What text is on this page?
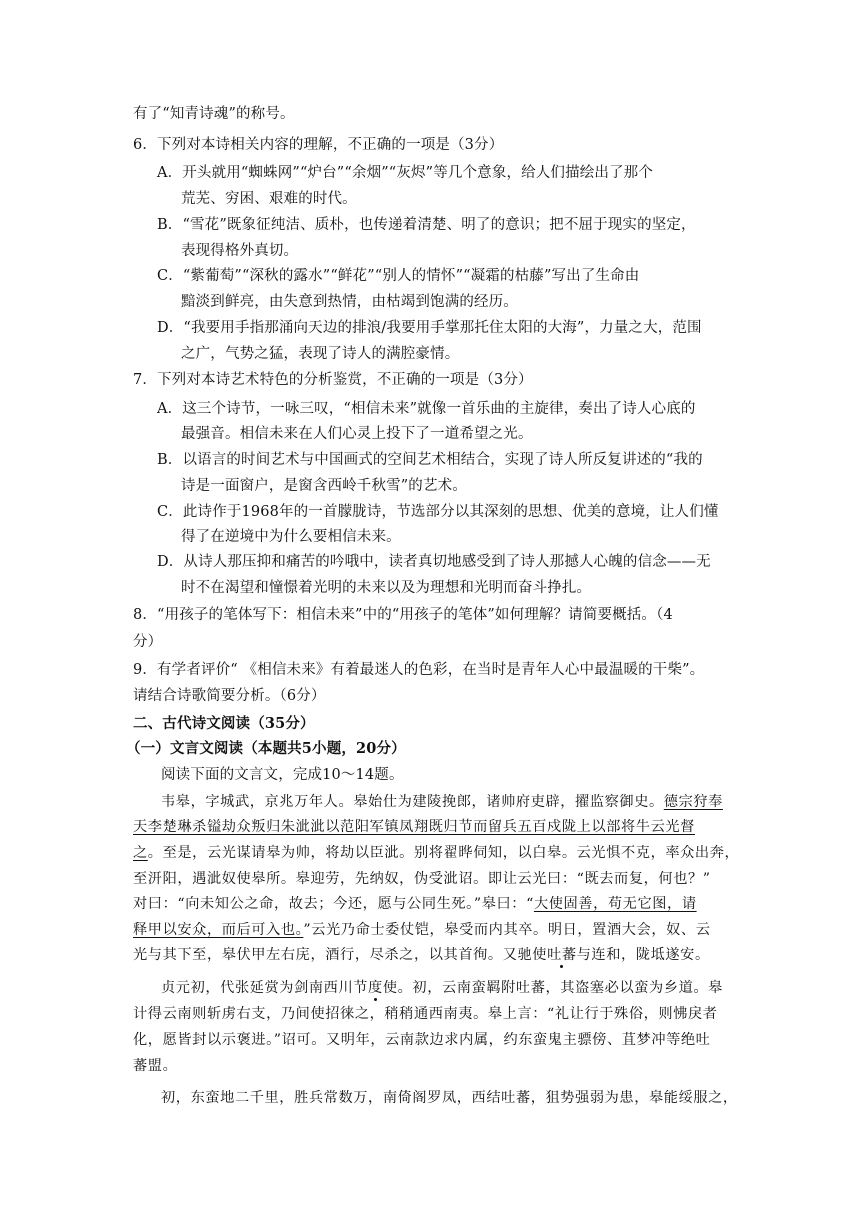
有了“知青诗魂”的称号。
6．下列对本诗相关内容的理解，不正确的一项是（3分）
A．开头就用“蜘蛛网”“炉台”“余烟”“灰烬”等几个意象，给人们描绘出了那个
荒芜、穷困、艰难的时代。
B．“雪花”既象征纯洁、质朴，也传递着清楚、明了的意识；把不屈于现实的坚定，
表现得格外真切。
C．“紫葡萄”“深秋的露水”“鲜花”“别人的情怀”“凝霜的枯藤”写出了生命由
黯淡到鲜亮，由失意到热情，由枯竭到饱满的经历。
D．“我要用手指那涌向天边的排浪/我要用手掌那托住太阳的大海”，力量之大，范围
之广，气势之猛，表现了诗人的满腔豪情。
7．下列对本诗艺术特色的分析鉴赏，不正确的一项是（3分）
A．这三个诗节，一咏三叹，“相信未来”就像一首乐曲的主旋律，奏出了诗人心底的
最强音。相信未来在人们心灵上投下了一道希望之光。
B．以语言的时间艺术与中国画式的空间艺术相结合，实现了诗人所反复讲述的“我的
诗是一面窗户，是窗含西岭千秋雪”的艺术。
C．此诗作于1968年的一首朦胧诗，节选部分以其深刻的思想、优美的意境，让人们懂
得了在逆境中为什么要相信未来。
D．从诗人那压抑和痛苦的吟哦中，读者真切地感受到了诗人那撼人心魄的信念——无
时不在渴望和憧憬着光明的未来以及为理想和光明而奋斗挣扎。
8．“用孩子的笔体写下：相信未来”中的“用孩子的笔体”如何理解？请简要概括。（4
分）
9．有学者评价“ 《相信未来》有着最迷人的色彩，在当时是青年人心中最温暖的干柴”。
请结合诗歌简要分析。（6分）
二、古代诗文阅读（35分）
（一）文言文阅读（本题共5小题，20分）
阅读下面的文言文，完成10～14题。
韦皋，字城武，京兆万年人。皋始仕为建陵挽郎，诸帅府吏辟，擢监察御史。德宗狩奉
天李楚琳杀镒劫众叛归朱泚泚以范阳军镇凤翔既归节而留兵五百戍陇上以部将牛云光督
之。至是，云光谋请皋为帅，将劫以臣泚。别将翟晔伺知，以白皋。云光惧不克，率众出奔，
至汧阳，遇泚奴使皋所。皋迎劳，先纳奴，伪受泚诏。即让云光曰：“既去而复，何也？”
对曰：“向未知公之命，故去；今还，愿与公同生死。”皋曰：“大使固善，苟无它图，请
释甲以安众，而后可入也。”云光乃命士委仗铠，皋受而内其卒。明日，置酒大会，奴、云
光与其下至，皋伏甲左右庑，酒行，尽杀之，以其首徇。又驰使吐蕃与连和，陇坻遂安。
贞元初，代张延赏为剑南西川节度使。初，云南蛮羁附吐蕃，其盗塞必以蛮为乡道。皋
计得云南则斩虏右支，乃间使招徕之，稍稍通西南夷。皋上言：“礼让行于殊俗，则怫戾者
化，愿皆封以示褒进。”诏可。又明年，云南款边求内属，约东蛮鬼主骠傍、苴梦冲等绝吐
蕃盟。
初，东蛮地二千里，胜兵常数万，南倚阁罗凤，西结吐蕃，狙势强弱为患，皋能绥服之，
